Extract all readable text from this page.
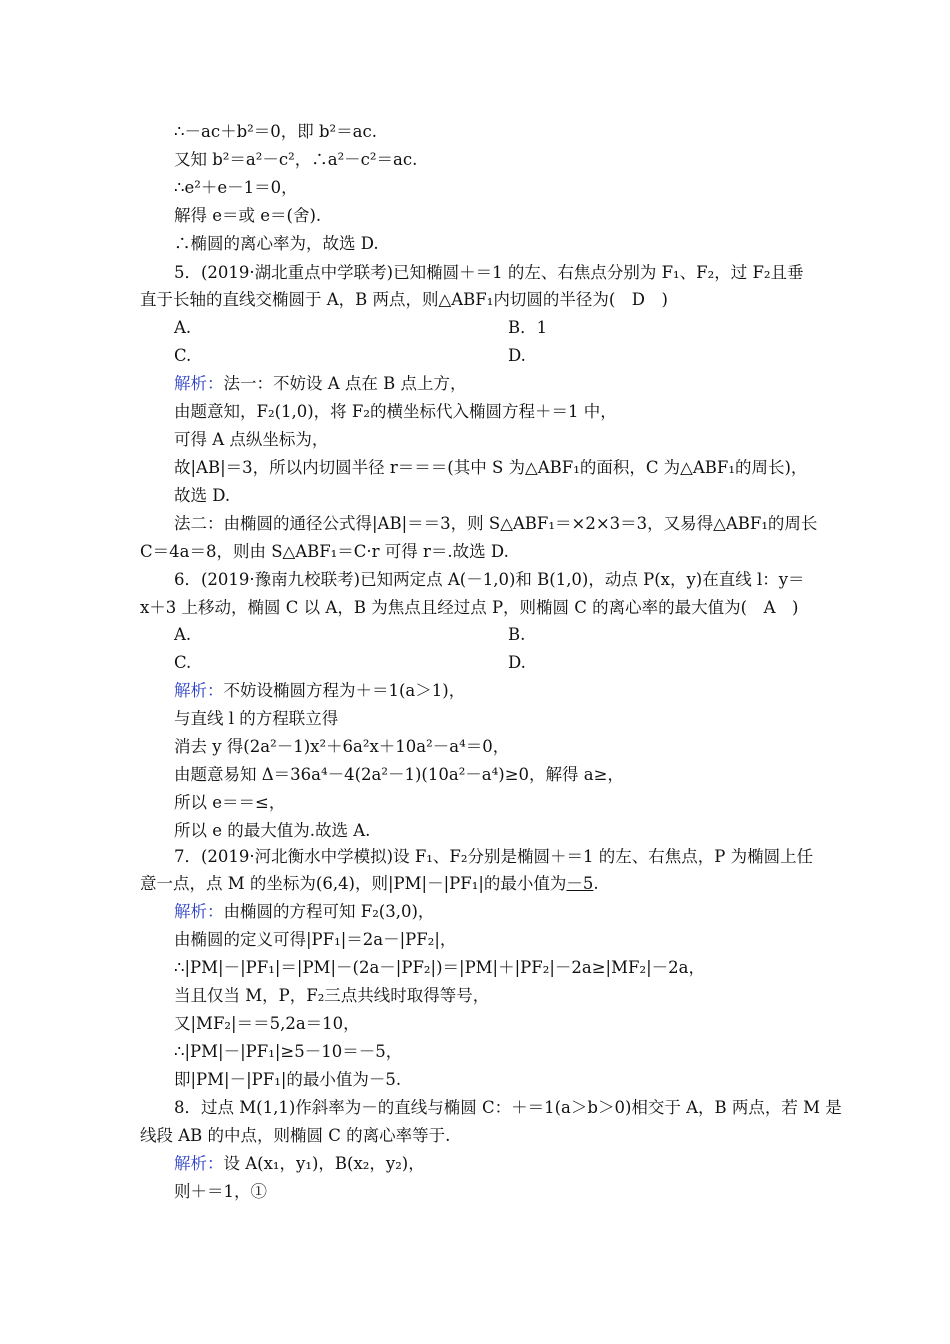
∴－ac＋b²＝0，即 b²＝ac.
又知 b²＝a²－c²，∴a²－c²＝ac.
∴e²＋e－1＝0，
解得 e＝或 e＝(舍).
∴椭圆的离心率为，故选 D.
5．(2019·湖北重点中学联考)已知椭圆＋＝1 的左、右焦点分别为 F₁、F₂，过 F₂且垂
直于长轴的直线交椭圆于 A，B 两点，则△ABF₁内切圆的半径为(　D　)
A.	B．1
C.	D.
解析：法一：不妨设 A 点在 B 点上方，
由题意知，F₂(1,0)，将 F₂的横坐标代入椭圆方程＋＝1 中，
可得 A 点纵坐标为，
故|AB|＝3，所以内切圆半径 r＝＝＝(其中 S 为△ABF₁的面积，C 为△ABF₁的周长)，
故选 D.
法二：由椭圆的通径公式得|AB|＝＝3，则 S△ABF₁＝×2×3＝3，又易得△ABF₁的周长
C＝4a＝8，则由 S△ABF₁＝C·r 可得 r＝.故选 D.
6．(2019·豫南九校联考)已知两定点 A(－1,0)和 B(1,0)，动点 P(x，y)在直线 l：y＝
x＋3 上移动，椭圆 C 以 A，B 为焦点且经过点 P，则椭圆 C 的离心率的最大值为(　A　)
A.	B.
C.	D.
解析：不妨设椭圆方程为＋＝1(a＞1)，
与直线 l 的方程联立得
消去 y 得(2a²－1)x²＋6a²x＋10a²－a⁴＝0，
由题意易知 Δ＝36a⁴－4(2a²－1)(10a²－a⁴)≥0，解得 a≥，
所以 e＝＝≤，
所以 e 的最大值为.故选 A.
7．(2019·河北衡水中学模拟)设 F₁、F₂分别是椭圆＋＝1 的左、右焦点，P 为椭圆上任
意一点，点 M 的坐标为(6,4)，则|PM|－|PF₁|的最小值为－5.
解析：由椭圆的方程可知 F₂(3,0)，
由椭圆的定义可得|PF₁|＝2a－|PF₂|，
∴|PM|－|PF₁|＝|PM|－(2a－|PF₂|)＝|PM|＋|PF₂|－2a≥|MF₂|－2a，
当且仅当 M，P，F₂三点共线时取得等号，
又|MF₂|＝＝5,2a＝10，
∴|PM|－|PF₁|≥5－10＝－5，
即|PM|－|PF₁|的最小值为－5.
8．过点 M(1,1)作斜率为－的直线与椭圆 C：＋＝1(a＞b＞0)相交于 A，B 两点，若 M 是
线段 AB 的中点，则椭圆 C 的离心率等于.
解析：设 A(x₁，y₁)，B(x₂，y₂)，
则＋＝1，①
